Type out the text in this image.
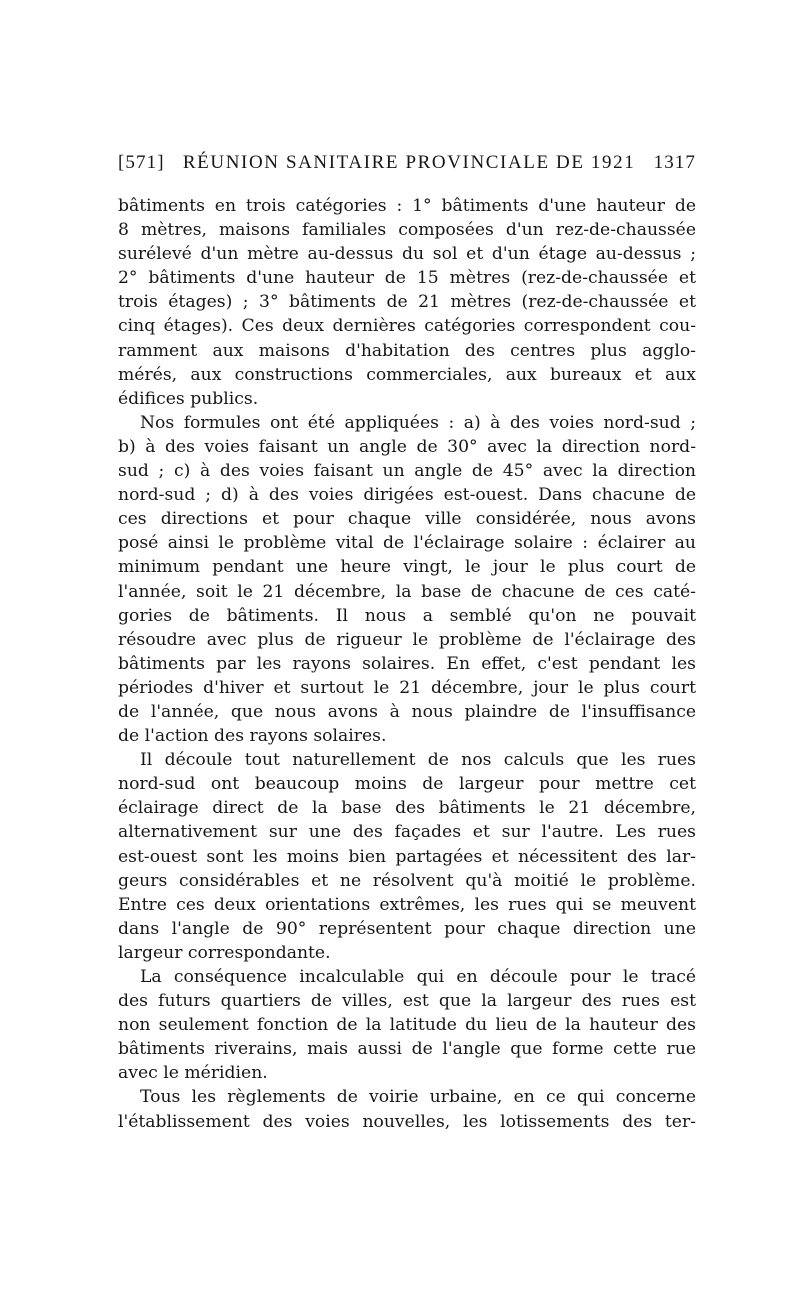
[571] RÉUNION SANITAIRE PROVINCIALE DE 1921 1317
bâtiments en trois catégories : 1° bâtiments d'une hauteur de
8 mètres, maisons familiales composées d'un rez-de-chaussée
surélevé d'un mètre au-dessus du sol et d'un étage au-dessus ;
2° bâtiments d'une hauteur de 15 mètres (rez-de-chaussée et
trois étages) ; 3° bâtiments de 21 mètres (rez-de-chaussée et
cinq étages). Ces deux dernières catégories correspondent cou-
ramment aux maisons d'habitation des centres plus agglo-
mérés, aux constructions commerciales, aux bureaux et aux
édifices publics.
Nos formules ont été appliquées : a) à des voies nord-sud ;
b) à des voies faisant un angle de 30° avec la direction nord-
sud ; c) à des voies faisant un angle de 45° avec la direction
nord-sud ; d) à des voies dirigées est-ouest. Dans chacune de
ces directions et pour chaque ville considérée, nous avons
posé ainsi le problème vital de l'éclairage solaire : éclairer au
minimum pendant une heure vingt, le jour le plus court de
l'année, soit le 21 décembre, la base de chacune de ces caté-
gories de bâtiments. Il nous a semblé qu'on ne pouvait
résoudre avec plus de rigueur le problème de l'éclairage des
bâtiments par les rayons solaires. En effet, c'est pendant les
périodes d'hiver et surtout le 21 décembre, jour le plus court
de l'année, que nous avons à nous plaindre de l'insuffisance
de l'action des rayons solaires.
Il découle tout naturellement de nos calculs que les rues
nord-sud ont beaucoup moins de largeur pour mettre cet
éclairage direct de la base des bâtiments le 21 décembre,
alternativement sur une des façades et sur l'autre. Les rues
est-ouest sont les moins bien partagées et nécessitent des lar-
geurs considérables et ne résolvent qu'à moitié le problème.
Entre ces deux orientations extrêmes, les rues qui se meuvent
dans l'angle de 90° représentent pour chaque direction une
largeur correspondante.
La conséquence incalculable qui en découle pour le tracé
des futurs quartiers de villes, est que la largeur des rues est
non seulement fonction de la latitude du lieu de la hauteur des
bâtiments riverains, mais aussi de l'angle que forme cette rue
avec le méridien.
Tous les règlements de voirie urbaine, en ce qui concerne
l'établissement des voies nouvelles, les lotissements des ter-
